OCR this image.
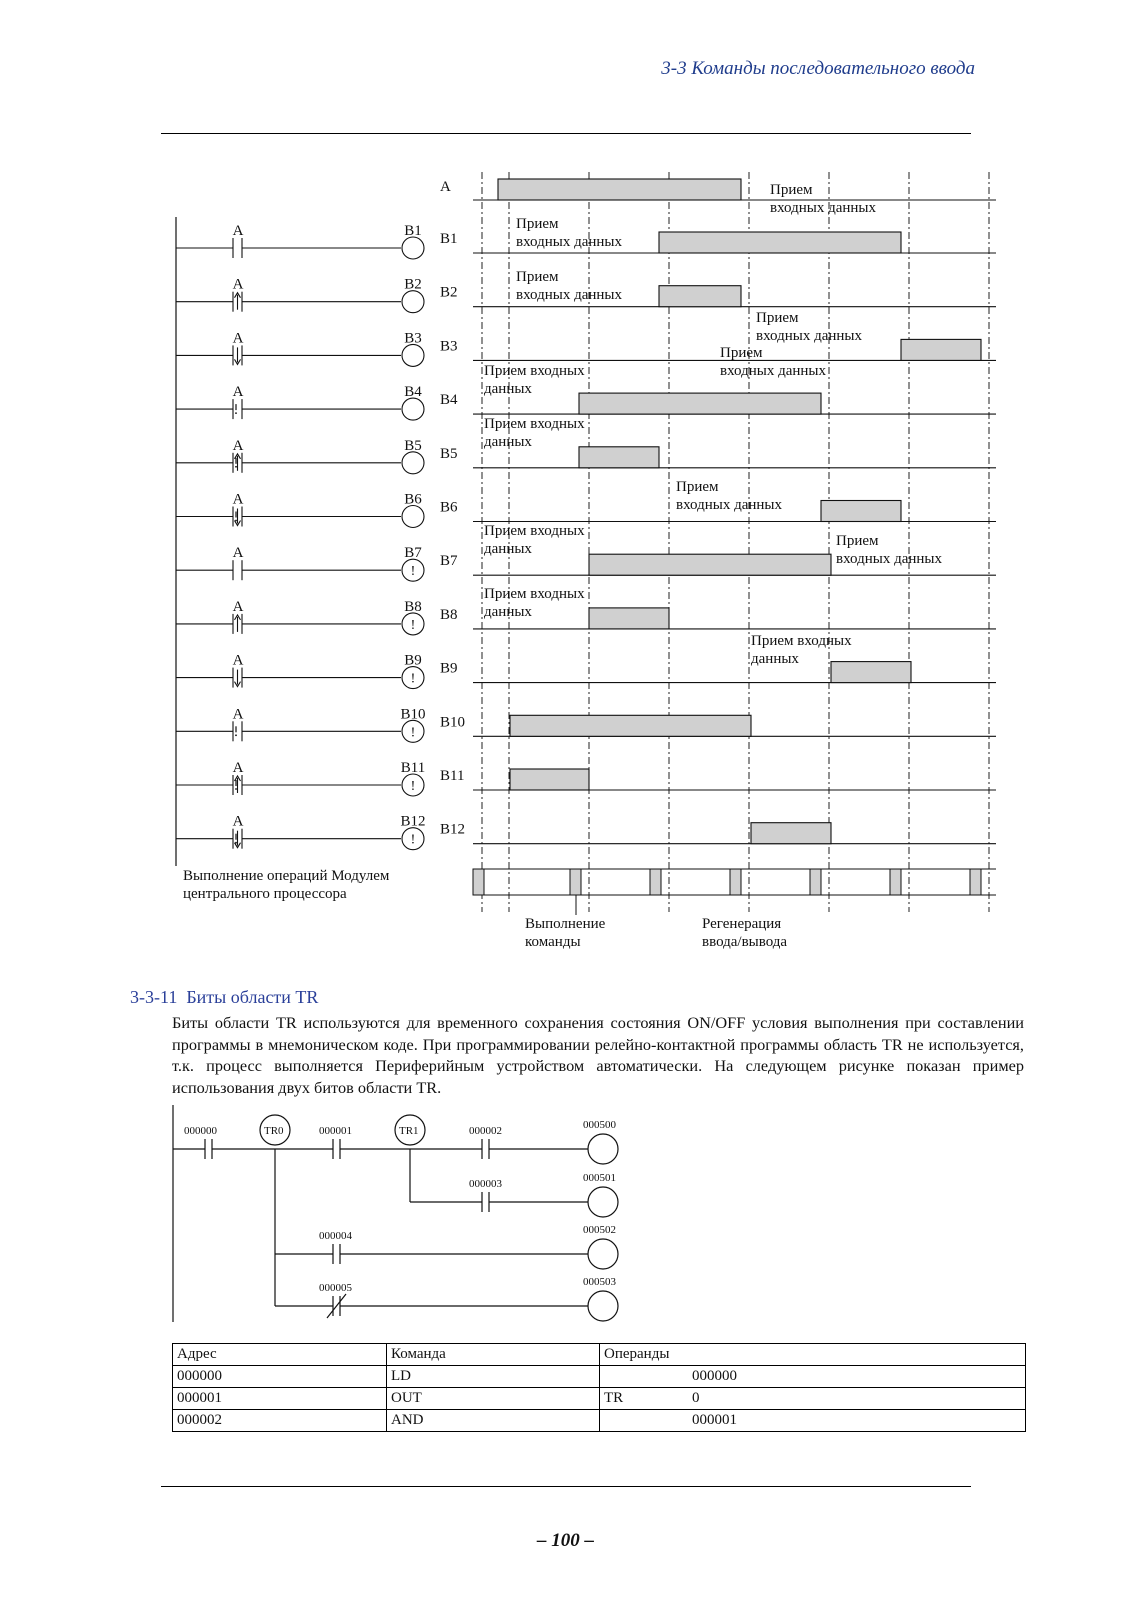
3-3 Команды последовательного ввода
A	B1
A	B2
A	B3
A	B4
A	B5
A	B6
!
A	B7
!
A	B8
!
A	B9
!
A	B10
!
A	B11
!
A	B12
Выполнение операций Модулем
центрального процессора
A
B1
B2
B3
B4
B5
B6
B7
B8
B9
B10
B11
B12
Прием
входных данных
Прием
входных данных
Прием
входных данных
Прием
входных данных
Прием
входных данных
Прием входных
данных
Прием входных
данных
Прием
входных данных
Прием входных
данных	Прием
входных данных
Прием входных
данных
Прием входных
данных
Выполнение
команды
Регенерация
ввода/вывода
3-3-11 Биты области TR

Биты области TR используются для временного сохранения состояния ON/OFF условия выполнения при составлении программы в мнемоническом коде. При программировании релейно-контактной программы область TR не используется, т.к. процесс выполняется Периферийным устройством автоматически. На следующем рисунке показан пример использования двух битов области TR.

000000	TR0	000001	TR1	000002
000003
000004
000005
000500
000501
000502
000503
Адрес	Команда	Операнды
000000	LD	000000
000001	OUT	TR 0
000002	AND	000001
– 100 –
